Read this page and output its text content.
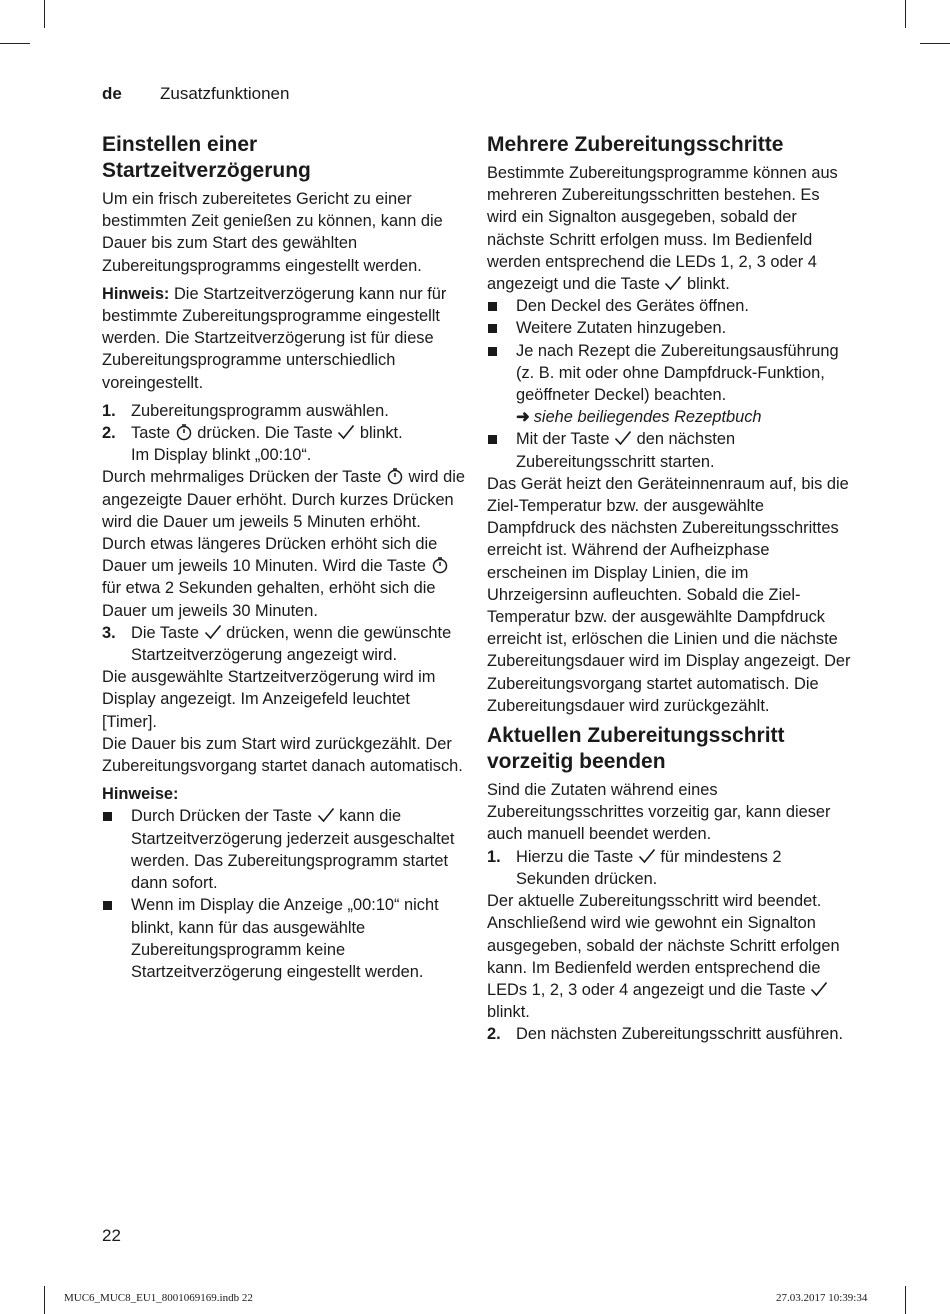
de Zusatzfunktionen
Einstellen einer Startzeitverzögerung

Um ein frisch zubereitetes Gericht zu einer bestimmten Zeit genießen zu können, kann die Dauer bis zum Start des gewählten Zubereitungsprogramms eingestellt werden.

Hinweis: Die Startzeitverzögerung kann nur für bestimmte Zubereitungsprogramme eingestellt werden. Die Startzeitverzögerung ist für diese Zubereitungsprogramme unterschiedlich voreingestellt.

1. Zubereitungsprogramm auswählen.
2. Taste  drücken. Die Taste  blinkt.
Im Display blinkt „00:10“.

Durch mehrmaliges Drücken der Taste  wird die angezeigte Dauer erhöht. Durch kurzes Drücken wird die Dauer um jeweils 5 Minuten erhöht. Durch etwas längeres Drücken erhöht sich die Dauer um jeweils 10 Minuten. Wird die Taste  für etwa 2 Sekunden gehalten, erhöht sich die Dauer um jeweils 30 Minuten.

3. Die Taste  drücken, wenn die gewünschte Startzeitverzögerung angezeigt wird.

Die ausgewählte Startzeitverzögerung wird im Display angezeigt. Im Anzeigefeld leuchtet [Timer].

Die Dauer bis zum Start wird zurückgezählt. Der Zubereitungsvorgang startet danach automatisch.

Hinweise:

Durch Drücken der Taste  kann die Startzeitverzögerung jederzeit ausgeschaltet werden. Das Zubereitungsprogramm startet dann sofort.
Wenn im Display die Anzeige „00:10“ nicht blinkt, kann für das ausgewählte Zubereitungsprogramm keine Startzeitverzögerung eingestellt werden.
Mehrere Zubereitungsschritte

Bestimmte Zubereitungsprogramme können aus mehreren Zubereitungsschritten bestehen. Es wird ein Signalton ausgegeben, sobald der nächste Schritt erfolgen muss. Im Bedienfeld werden entsprechend die LEDs 1, 2, 3 oder 4 angezeigt und die Taste  blinkt.

Den Deckel des Gerätes öffnen.
Weitere Zutaten hinzugeben.
Je nach Rezept die Zubereitungsausführung (z. B. mit oder ohne Dampfdruck-Funktion, geöffneter Deckel) beachten.
➜ siehe beiliegendes Rezeptbuch
Mit der Taste  den nächsten Zubereitungsschritt starten.

Das Gerät heizt den Geräteinnenraum auf, bis die Ziel-Temperatur bzw. der ausgewählte Dampfdruck des nächsten Zubereitungsschrittes erreicht ist. Während der Aufheizphase erscheinen im Display Linien, die im Uhrzeigersinn aufleuchten. Sobald die Ziel-Temperatur bzw. der ausgewählte Dampfdruck erreicht ist, erlöschen die Linien und die nächste Zubereitungsdauer wird im Display angezeigt. Der Zubereitungsvorgang startet automatisch. Die Zubereitungsdauer wird zurückgezählt.

Aktuellen Zubereitungsschritt vorzeitig beenden

Sind die Zutaten während eines Zubereitungsschrittes vorzeitig gar, kann dieser auch manuell beendet werden.

1. Hierzu die Taste  für mindestens 2 Sekunden drücken.

Der aktuelle Zubereitungsschritt wird beendet. Anschließend wird wie gewohnt ein Signalton ausgegeben, sobald der nächste Schritt erfolgen kann. Im Bedienfeld werden entsprechend die LEDs 1, 2, 3 oder 4 angezeigt und die Taste  blinkt.

2. Den nächsten Zubereitungsschritt ausführen.
22
MUC6_MUC8_EU1_8001069169.indb 22	27.03.2017 10:39:34
